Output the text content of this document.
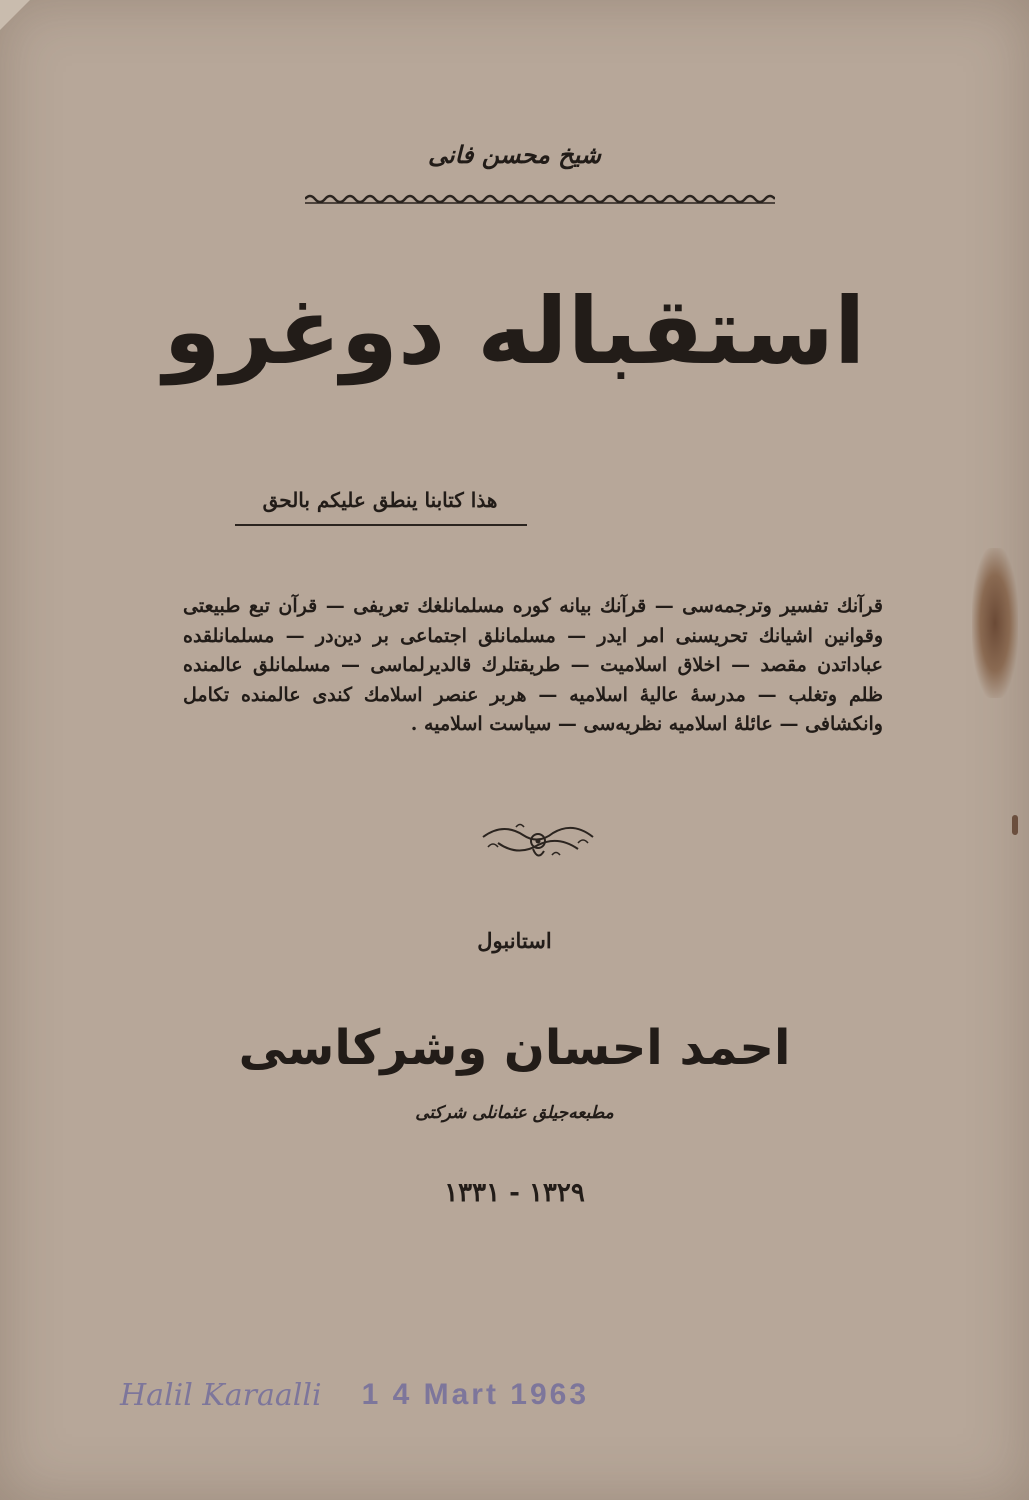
شیخ محسن فانی
استقباله دوغرو
هذا كتابنا ينطق عليكم بالحق
قرآنك تفسير وترجمه‌سی — قرآنك بيانه كوره مسلمانلغك تعريفی — قرآن تبع طبيعتی وقوانين اشيانك تحريسنی امر ايدر — مسلمانلق اجتماعی بر دين‌در — مسلمانلقده عباداتدن مقصد — اخلاق اسلاميت — طريقتلرك قالديرلماسی — مسلمانلق عالمنده ظلم وتغلب — مدرسهٔ عاليهٔ اسلاميه — هربر عنصر اسلامك كندی عالمنده تكامل وانكشافی — عائلهٔ اسلاميه نظريه‌سی — سياست اسلاميه .
استانبول
احمد احسان وشركاسی
مطبعه‌جيلق عثمانلی شركتی
١٣٢٩ - ١٣٣١
Halil Karaalli 1 4 Mart 1963
